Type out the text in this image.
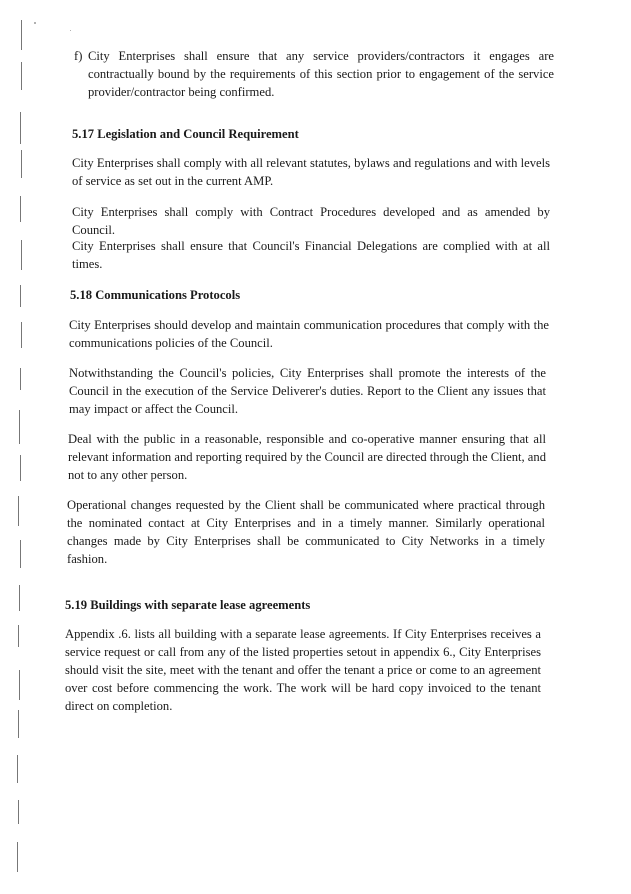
f) City Enterprises shall ensure that any service providers/contractors it engages are contractually bound by the requirements of this section prior to engagement of the service provider/contractor being confirmed.
5.17 Legislation and Council Requirement
City Enterprises shall comply with all relevant statutes, bylaws and regulations and with levels of service as set out in the current AMP.
City Enterprises shall comply with Contract Procedures developed and as amended by Council.
City Enterprises shall ensure that Council's Financial Delegations are complied with at all times.
5.18 Communications Protocols
City Enterprises should develop and maintain communication procedures that comply with the communications policies of the Council.
Notwithstanding the Council's policies, City Enterprises shall promote the interests of the Council in the execution of the Service Deliverer's duties. Report to the Client any issues that may impact or affect the Council.
Deal with the public in a reasonable, responsible and co-operative manner ensuring that all relevant information and reporting required by the Council are directed through the Client, and not to any other person.
Operational changes requested by the Client shall be communicated where practical through the nominated contact at City Enterprises and in a timely manner. Similarly operational changes made by City Enterprises shall be communicated to City Networks in a timely fashion.
5.19 Buildings with separate lease agreements
Appendix .6. lists all building with a separate lease agreements. If City Enterprises receives a service request or call from any of the listed properties setout in appendix 6., City Enterprises should visit the site, meet with the tenant and offer the tenant a price or come to an agreement over cost before commencing the work. The work will be hard copy invoiced to the tenant direct on completion.
